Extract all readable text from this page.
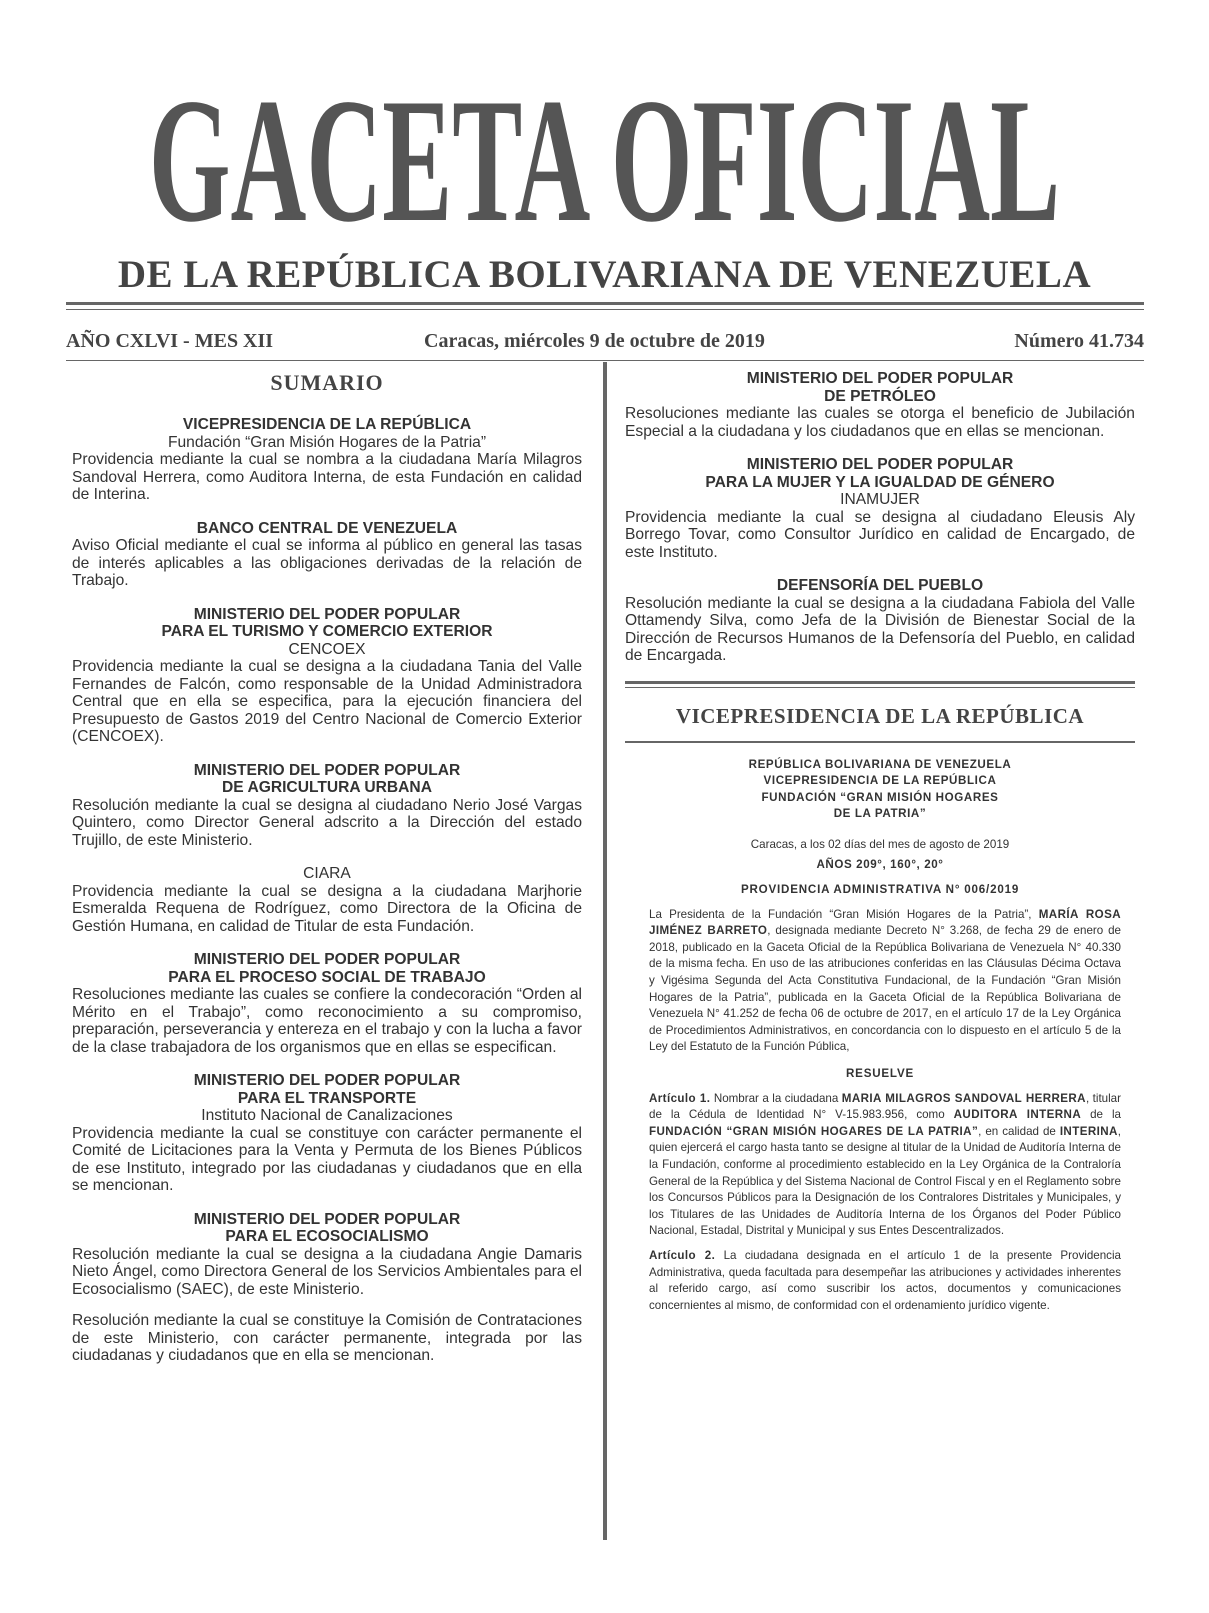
GACETA OFICIAL
DE LA REPÚBLICA BOLIVARIANA DE VENEZUELA
AÑO CXLVI - MES XII	Caracas, miércoles 9 de octubre de 2019	Número 41.734
SUMARIO
VICEPRESIDENCIA DE LA REPÚBLICA
Fundación “Gran Misión Hogares de la Patria”
Providencia mediante la cual se nombra a la ciudadana María Milagros Sandoval Herrera, como Auditora Interna, de esta Fundación en calidad de Interina.
BANCO CENTRAL DE VENEZUELA
Aviso Oficial mediante el cual se informa al público en general las tasas de interés aplicables a las obligaciones derivadas de la relación de Trabajo.
MINISTERIO DEL PODER POPULAR
PARA EL TURISMO Y COMERCIO EXTERIOR
CENCOEX
Providencia mediante la cual se designa a la ciudadana Tania del Valle Fernandes de Falcón, como responsable de la Unidad Administradora Central que en ella se especifica, para la ejecución financiera del Presupuesto de Gastos 2019 del Centro Nacional de Comercio Exterior (CENCOEX).
MINISTERIO DEL PODER POPULAR
DE AGRICULTURA URBANA
Resolución mediante la cual se designa al ciudadano Nerio José Vargas Quintero, como Director General adscrito a la Dirección del estado Trujillo, de este Ministerio.
CIARA
Providencia mediante la cual se designa a la ciudadana Marjhorie Esmeralda Requena de Rodríguez, como Directora de la Oficina de Gestión Humana, en calidad de Titular de esta Fundación.
MINISTERIO DEL PODER POPULAR
PARA EL PROCESO SOCIAL DE TRABAJO
Resoluciones mediante las cuales se confiere la condecoración “Orden al Mérito en el Trabajo”, como reconocimiento a su compromiso, preparación, perseverancia y entereza en el trabajo y con la lucha a favor de la clase trabajadora de los organismos que en ellas se especifican.
MINISTERIO DEL PODER POPULAR
PARA EL TRANSPORTE
Instituto Nacional de Canalizaciones
Providencia mediante la cual se constituye con carácter permanente el Comité de Licitaciones para la Venta y Permuta de los Bienes Públicos de ese Instituto, integrado por las ciudadanas y ciudadanos que en ella se mencionan.
MINISTERIO DEL PODER POPULAR
PARA EL ECOSOCIALISMO
Resolución mediante la cual se designa a la ciudadana Angie Damaris Nieto Ángel, como Directora General de los Servicios Ambientales para el Ecosocialismo (SAEC), de este Ministerio.
Resolución mediante la cual se constituye la Comisión de Contrataciones de este Ministerio, con carácter permanente, integrada por las ciudadanas y ciudadanos que en ella se mencionan.
MINISTERIO DEL PODER POPULAR
DE PETRÓLEO
Resoluciones mediante las cuales se otorga el beneficio de Jubilación Especial a la ciudadana y los ciudadanos que en ellas se mencionan.
MINISTERIO DEL PODER POPULAR
PARA LA MUJER Y LA IGUALDAD DE GÉNERO
INAMUJER
Providencia mediante la cual se designa al ciudadano Eleusis Aly Borrego Tovar, como Consultor Jurídico en calidad de Encargado, de este Instituto.
DEFENSORÍA DEL PUEBLO
Resolución mediante la cual se designa a la ciudadana Fabiola del Valle Ottamendy Silva, como Jefa de la División de Bienestar Social de la Dirección de Recursos Humanos de la Defensoría del Pueblo, en calidad de Encargada.
VICEPRESIDENCIA DE LA REPÚBLICA
REPÚBLICA BOLIVARIANA DE VENEZUELA
VICEPRESIDENCIA DE LA REPÚBLICA
FUNDACIÓN “GRAN MISIÓN HOGARES
DE LA PATRIA”
Caracas, a los 02 días del mes de agosto de 2019
AÑOS 209°, 160°, 20°
PROVIDENCIA ADMINISTRATIVA N° 006/2019

La Presidenta de la Fundación “Gran Misión Hogares de la Patria”, MARÍA ROSA JIMÉNEZ BARRETO, designada mediante Decreto N° 3.268, de fecha 29 de enero de 2018, publicado en la Gaceta Oficial de la República Bolivariana de Venezuela N° 40.330 de la misma fecha. En uso de las atribuciones conferidas en las Cláusulas Décima Octava y Vigésima Segunda del Acta Constitutiva Fundacional, de la Fundación “Gran Misión Hogares de la Patria”, publicada en la Gaceta Oficial de la República Bolivariana de Venezuela N° 41.252 de fecha 06 de octubre de 2017, en el artículo 17 de la Ley Orgánica de Procedimientos Administrativos, en concordancia con lo dispuesto en el artículo 5 de la Ley del Estatuto de la Función Pública,

RESUELVE

Artículo 1. Nombrar a la ciudadana MARIA MILAGROS SANDOVAL HERRERA, titular de la Cédula de Identidad N° V-15.983.956, como AUDITORA INTERNA de la FUNDACIÓN “GRAN MISIÓN HOGARES DE LA PATRIA”, en calidad de INTERINA, quien ejercerá el cargo hasta tanto se designe al titular de la Unidad de Auditoría Interna de la Fundación, conforme al procedimiento establecido en la Ley Orgánica de la Contraloría General de la República y del Sistema Nacional de Control Fiscal y en el Reglamento sobre los Concursos Públicos para la Designación de los Contralores Distritales y Municipales, y los Titulares de las Unidades de Auditoría Interna de los Órganos del Poder Público Nacional, Estadal, Distrital y Municipal y sus Entes Descentralizados.

Artículo 2. La ciudadana designada en el artículo 1 de la presente Providencia Administrativa, queda facultada para desempeñar las atribuciones y actividades inherentes al referido cargo, así como suscribir los actos, documentos y comunicaciones concernientes al mismo, de conformidad con el ordenamiento jurídico vigente.
